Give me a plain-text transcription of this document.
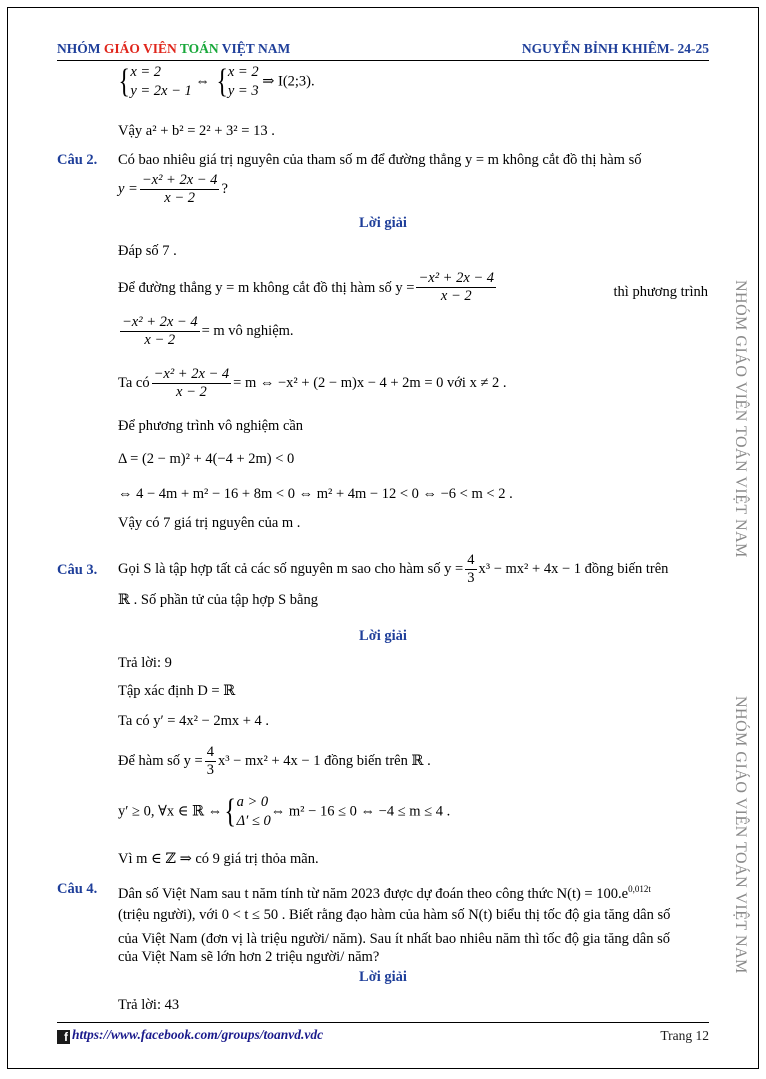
NHÓM GIÁO VIÊN TOÁN VIỆT NAM	NGUYỄN BỈNH KHIÊM- 24-25
NHÓM GIÁO VIÊN TOÁN VIỆT NAM
NHÓM GIÁO VIÊN TOÁN VIỆT NAM
{ x = 2
y = 2x − 1
⇔ { x = 2
y = 3
⇒ I(2;3).
Vậy a² + b² = 2² + 3² = 13 .
Câu 2. Có bao nhiêu giá trị nguyên của tham số m để đường thẳng y = m không cắt đồ thị hàm số
$y = \frac{\text{−x² + 2x − 4}}{x - 2}$ ?
Lời giải
Đáp số 7 .
Để đường thẳng y = m không cắt đồ thị hàm số $y = \frac{\text{−x² + 2x − 4}}{x - 2}$	thì phương trình
$\frac{\text{−x² + 2x − 4}}{x - 2} = m$ vô nghiệm.
Ta có $\frac{\text{−x² + 2x − 4}}{x - 2} = m$ ⇔ −x² + (2 − m)x − 4 + 2m = 0 với x ≠ 2 .
Để phương trình vô nghiệm cần
Δ = (2 − m)² + 4(−4 + 2m) < 0
⇔ 4 − 4m + m² − 16 + 8m < 0 ⇔ m² + 4m − 12 < 0 ⇔ −6 < m < 2 .
Vậy có 7 giá trị nguyên của m .
Câu 3. Gọi S là tập hợp tất cả các số nguyên m sao cho hàm số $y = \frac{4}{3} x^3 - mx^2 + 4x - 1$ đồng biến trên
ℝ . Số phần tử của tập hợp S bằng
Lời giải
Trả lời: 9
Tập xác định D = ℝ
Ta có y′ = 4x² − 2mx + 4 .
Để hàm số $y = \frac{4}{3} x^3 - mx^2 + 4x - 1$ đồng biến trên ℝ .
y′ ≥ 0, ∀x ∈ ℝ ⇔{ a > 0
Δ′ ≤ 0
⇔ m² − 16 ≤ 0 ⇔ −4 ≤ m ≤ 4 .
Vì m ∈ ℤ ⇒ có 9 giá trị thỏa mãn.
Câu 4. Dân số Việt Nam sau t năm tính từ năm 2023 được dự đoán theo công thức $N(t) = 100.e^{0,012t}$
(triệu người), với 0 < t ≤ 50 . Biết rằng đạo hàm của hàm số N(t) biểu thị tốc độ gia tăng dân số
của Việt Nam (đơn vị là triệu người/ năm). Sau ít nhất bao nhiêu năm thì tốc độ gia tăng dân số
của Việt Nam sẽ lớn hơn 2 triệu người/ năm?
Lời giải
Trả lời: 43
f https://www.facebook.com/groups/toanvd.vdc	Trang 12
